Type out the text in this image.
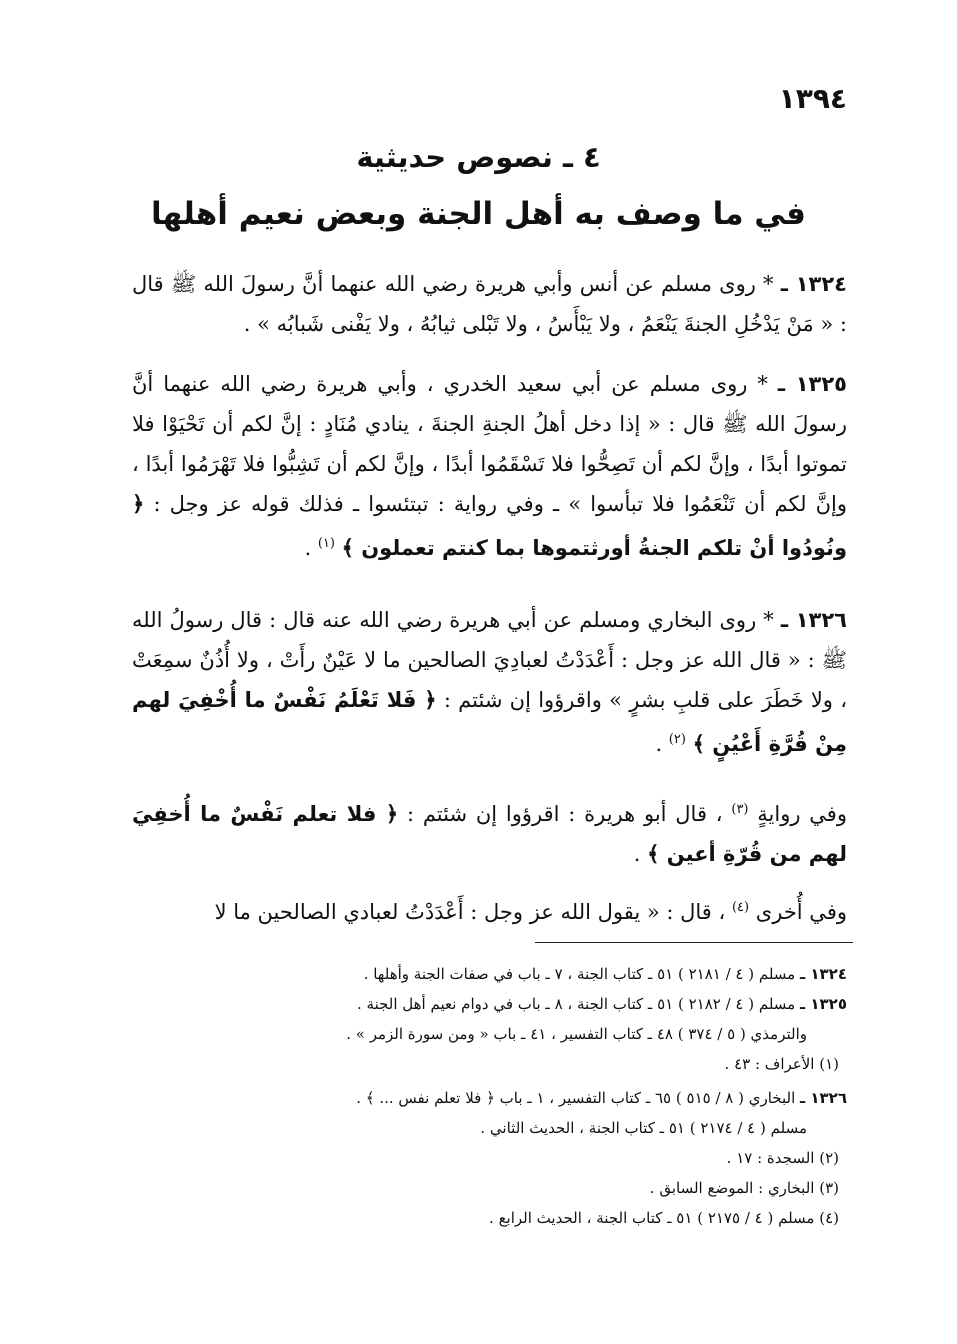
١٣٩٤
٤ ـ نصوص حديثية
في ما وصف به أهل الجنة وبعض نعيم أهلها
١٣٢٤ ـ * روى مسلم عن أنس وأبي هريرة رضي الله عنهما أنَّ رسولَ الله ﷺ قال : « مَنْ يَدْخُلِ الجنةَ يَنْعَمُ ، ولا يَبْأَسُ ، ولا تَبْلى ثيابُهُ ، ولا يَفْنى شَبابُه » .
١٣٢٥ ـ * روى مسلم عن أبي سعيد الخدري ، وأبي هريرة رضي الله عنهما أنَّ رسولَ الله ﷺ قال : « إذا دخل أهلُ الجنةِ الجنةَ ، ينادي مُنَادٍ : إنَّ لكم أن تَحْيَوْا فلا تموتوا أبدًا ، وإنَّ لكم أن تَصِحُّوا فلا تَسْقَمُوا أبدًا ، وإنَّ لكم أن تَشِبُّوا فلا تَهْرَمُوا أبدًا ، وإنَّ لكم أن تَنْعَمُوا فلا تبأسوا » ـ وفي رواية : تبتئسوا ـ فذلك قوله عز وجل : ﴿ ونُودُوا أنْ تلكم الجنةُ أورثتموها بما كنتم تعملون ﴾ $^{(١)}$ .
١٣٢٦ ـ * روى البخاري ومسلم عن أبي هريرة رضي الله عنه قال : قال رسولُ الله ﷺ : « قال الله عز وجل : أَعْدَدْتُ لعبادِيَ الصالحين ما لا عَيْنٌ رأَتْ ، ولا أُذُنٌ سمِعَتْ ، ولا خَطَرَ على قلبِ بشرٍ » واقرؤوا إن شئتم : ﴿ فَلا تَعْلَمُ نَفْسٌ ما أُخْفِيَ لهم مِنْ قُرَّةِ أَعْيُنٍ ﴾ $^{(٢)}$ .
وفي روايةٍ $^{(٣)}$ ، قال أبو هريرة : اقرؤوا إن شئتم : ﴿ فلا تعلم نَفْسٌ ما أُخفِيَ لهم من قُرّةِ أعين ﴾ .
وفي أُخرى $^{(٤)}$ ، قال : « يقول الله عز وجل : أَعْدَدْتُ لعبادي الصالحين ما لا
١٣٢٤ ـ مسلم ( ٤ / ٢١٨١ ) ٥١ ـ كتاب الجنة ، ٧ ـ باب في صفات الجنة وأهلها .
١٣٢٥ ـ مسلم ( ٤ / ٢١٨٢ ) ٥١ ـ كتاب الجنة ، ٨ ـ باب في دوام نعيم أهل الجنة .
والترمذي ( ٥ / ٣٧٤ ) ٤٨ ـ كتاب التفسير ، ٤١ ـ باب « ومن سورة الزمر » .
(١) الأعراف : ٤٣ .
١٣٢٦ ـ البخاري ( ٨ / ٥١٥ ) ٦٥ ـ كتاب التفسير ، ١ ـ باب ﴿ فلا تعلم نفس ... ﴾ .
مسلم ( ٤ / ٢١٧٤ ) ٥١ ـ كتاب الجنة ، الحديث الثاني .
(٢) السجدة : ١٧ .
(٣) البخاري : الموضع السابق .
(٤) مسلم ( ٤ / ٢١٧٥ ) ٥١ ـ كتاب الجنة ، الحديث الرابع .
